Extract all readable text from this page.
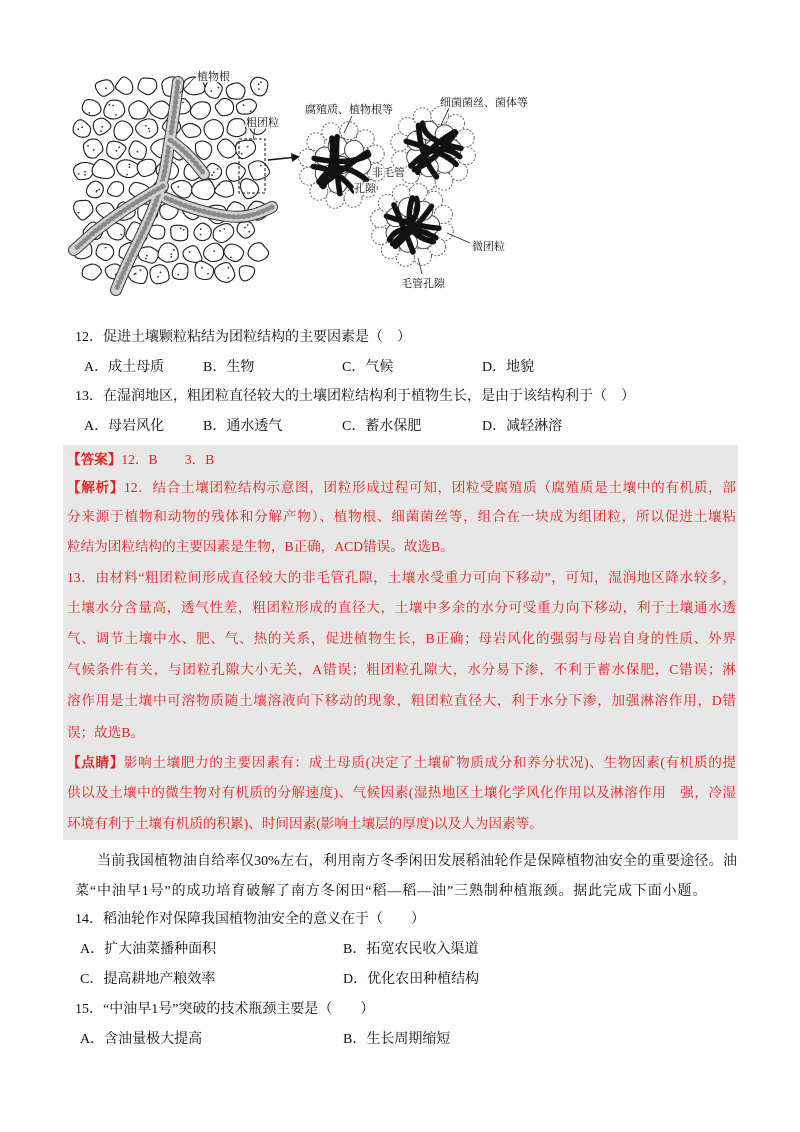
植物根
粗团粒
腐殖质、植物根等
细菌菌丝、菌体等
非毛管
孔隙
微团粒
毛管孔隙
12．促进土壤颗粒粘结为团粒结构的主要因素是（　）
A．成土母质	B．生物	C．气候	D．地貌
13．在湿润地区，粗团粒直径较大的土壤团粒结构利于植物生长，是由于该结构利于（　）
A．母岩风化	B．通水透气	C．蓄水保肥	D．减轻淋溶
【答案】12．B　　3．B
【解析】12．结合土壤团粒结构示意图，团粒形成过程可知，团粒受腐殖质（腐殖质是土壤中的有机质，部
分来源于植物和动物的残体和分解产物）、植物根、细菌菌丝等，组合在一块成为组团粒，所以促进土壤粘
粒结为团粒结构的主要因素是生物，B正确，ACD错误。故选B。
13．由材料“粗团粒间形成直径较大的非毛管孔隙，土壤水受重力可向下移动”，可知，湿润地区降水较多，
土壤水分含量高，透气性差，粗团粒形成的直径大，土壤中多余的水分可受重力向下移动，利于土壤通水透
气、调节土壤中水、肥、气、热的关系，促进植物生长，B正确；母岩风化的强弱与母岩自身的性质、外界
气候条件有关，与团粒孔隙大小无关，A错误；粗团粒孔隙大，水分易下渗，不利于蓄水保肥，C错误；淋
溶作用是土壤中可溶物质随土壤溶液向下移动的现象，粗团粒直径大，利于水分下渗，加强淋溶作用，D错
误；故选B。
【点睛】影响土壤肥力的主要因素有：成土母质(决定了土壤矿物质成分和养分状况)、生物因素(有机质的提
供以及土壤中的微生物对有机质的分解速度)、气候因素(湿热地区土壤化学风化作用以及淋溶作用　强，冷湿
环境有利于土壤有机质的积累)、时间因素(影响土壤层的厚度)以及人为因素等。
当前我国植物油自给率仅30%左右，利用南方冬季闲田发展稻油轮作是保障植物油安全的重要途径。油
菜“中油早1号”的成功培育破解了南方冬闲田“稻—稻—油”三熟制种植瓶颈。据此完成下面小题。
14．稻油轮作对保障我国植物油安全的意义在于（　　）
A．扩大油菜播种面积	B．拓宽农民收入渠道
C．提高耕地产粮效率	D．优化农田种植结构
15．“中油早1号”突破的技术瓶颈主要是（　　）
A．含油量极大提高	B．生长周期缩短
